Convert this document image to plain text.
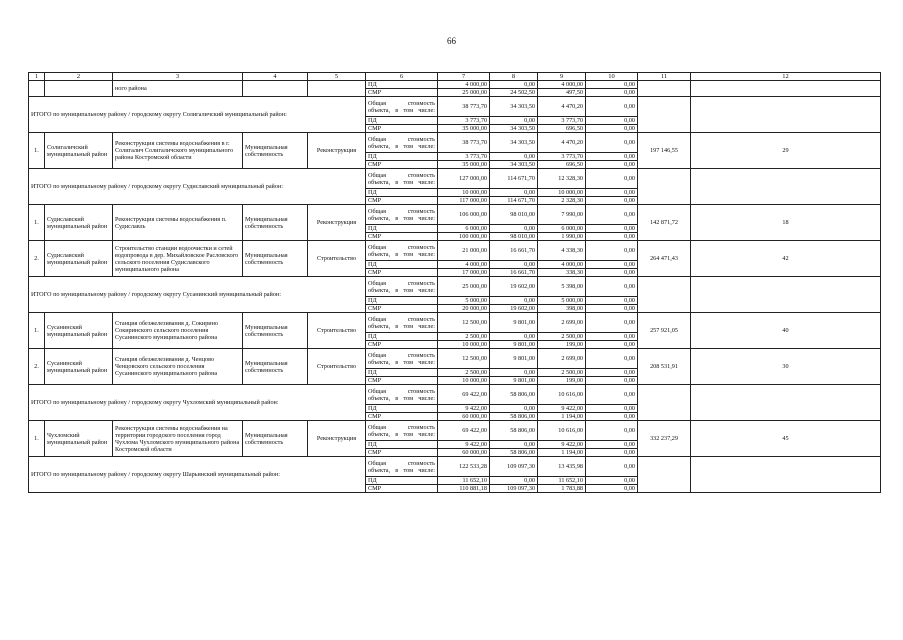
66
1	2	3	4	5	6	7	8	9	10	11	12
		ного района			ПД	4 000,00	0,00	4 000,00	0,00		
					СМР	25 000,00	24 502,50	497,50	0,00		
ИТОГО по муниципальному району / городскому округу Солигаличский муниципальный район:					Общая стоимость объекта, в том числе:	38 773,70	34 303,50	4 470,20	0,00		
					ПД	3 773,70	0,00	3 773,70	0,00		
					СМР	35 000,00	34 303,50	696,50	0,00		
1.	Солигаличский муниципальный район	Реконструкция системы водоснабжения в г. Солигалич Солигаличского муниципального района Костромской области	Муниципальная собственность	Реконструкция	Общая стоимость объекта, в том числе:	38 773,70	34 303,50	4 470,20	0,00	197 146,55	29
					ПД	3 773,70	0,00	3 773,70	0,00		
					СМР	35 000,00	34 303,50	696,50	0,00		
ИТОГО по муниципальному району / городскому округу Судиславский муниципальный район:					Общая стоимость объекта, в том числе:	127 000,00	114 671,70	12 328,30	0,00		
					ПД	10 000,00	0,00	10 000,00	0,00		
					СМР	117 000,00	114 671,70	2 328,30	0,00		
1.	Судиславский муниципальный район	Реконструкция системы водоснабжения п. Судиславль	Муниципальная собственность	Реконструкция	Общая стоимость объекта, в том числе:	106 000,00	98 010,00	7 990,00	0,00	142 871,72	18
					ПД	6 000,00	0,00	6 000,00	0,00		
					СМР	100 000,00	98 010,00	1 990,00	0,00		
2.	Судиславский муниципальный район	Строительство станции водоочистки и сетей водопровода в дер. Михайловское Расловского сельского поселения Судиславского муниципального района	Муниципальная собственность	Строительство	Общая стоимость объекта, в том числе:	21 000,00	16 661,70	4 338,30	0,00	264 471,43	42
					ПД	4 000,00	0,00	4 000,00	0,00		
					СМР	17 000,00	16 661,70	338,30	0,00		
ИТОГО по муниципальному району / городскому округу Сусанинский муниципальный район:					Общая стоимость объекта, в том числе:	25 000,00	19 602,00	5 398,00	0,00		
					ПД	5 000,00	0,00	5 000,00	0,00		
					СМР	20 000,00	19 602,00	398,00	0,00		
1.	Сусанинский муниципальный район	Станция обезжелезивания д. Сокирино Сокиринского сельского поселения Сусанинского муниципального района	Муниципальная собственность	Строительство	Общая стоимость объекта, в том числе:	12 500,00	9 801,00	2 699,00	0,00	257 921,05	40
					ПД	2 500,00	0,00	2 500,00	0,00		
					СМР	10 000,00	9 801,00	199,00	0,00		
2.	Сусанинский муниципальный район	Станция обезжелезивания д. Ченцово Ченцовского сельского поселения Сусанинского муниципального района	Муниципальная собственность	Строительство	Общая стоимость объекта, в том числе:	12 500,00	9 801,00	2 699,00	0,00	208 531,91	30
					ПД	2 500,00	0,00	2 500,00	0,00		
					СМР	10 000,00	9 801,00	199,00	0,00		
ИТОГО по муниципальному району / городскому округу Чухломский муниципальный район:					Общая стоимость объекта, в том числе:	69 422,00	58 806,00	10 616,00	0,00		
					ПД	9 422,00	0,00	9 422,00	0,00		
					СМР	60 000,00	58 806,00	1 194,00	0,00		
1.	Чухломский муниципальный район	Реконструкция системы водоснабжения на территории городского поселения город Чухлома Чухломского муниципального района Костромской области	Муниципальная собственность	Реконструкция	Общая стоимость объекта, в том числе:	69 422,00	58 806,00	10 616,00	0,00	332 237,29	45
					ПД	9 422,00	0,00	9 422,00	0,00		
					СМР	60 000,00	58 806,00	1 194,00	0,00		
ИТОГО по муниципальному району / городскому округу Шарьинский муниципальный район:					Общая стоимость объекта, в том числе:	122 533,28	109 097,30	13 435,98	0,00		
					ПД	11 652,10	0,00	11 652,10	0,00		
					СМР	110 881,18	109 097,30	1 783,88	0,00		
